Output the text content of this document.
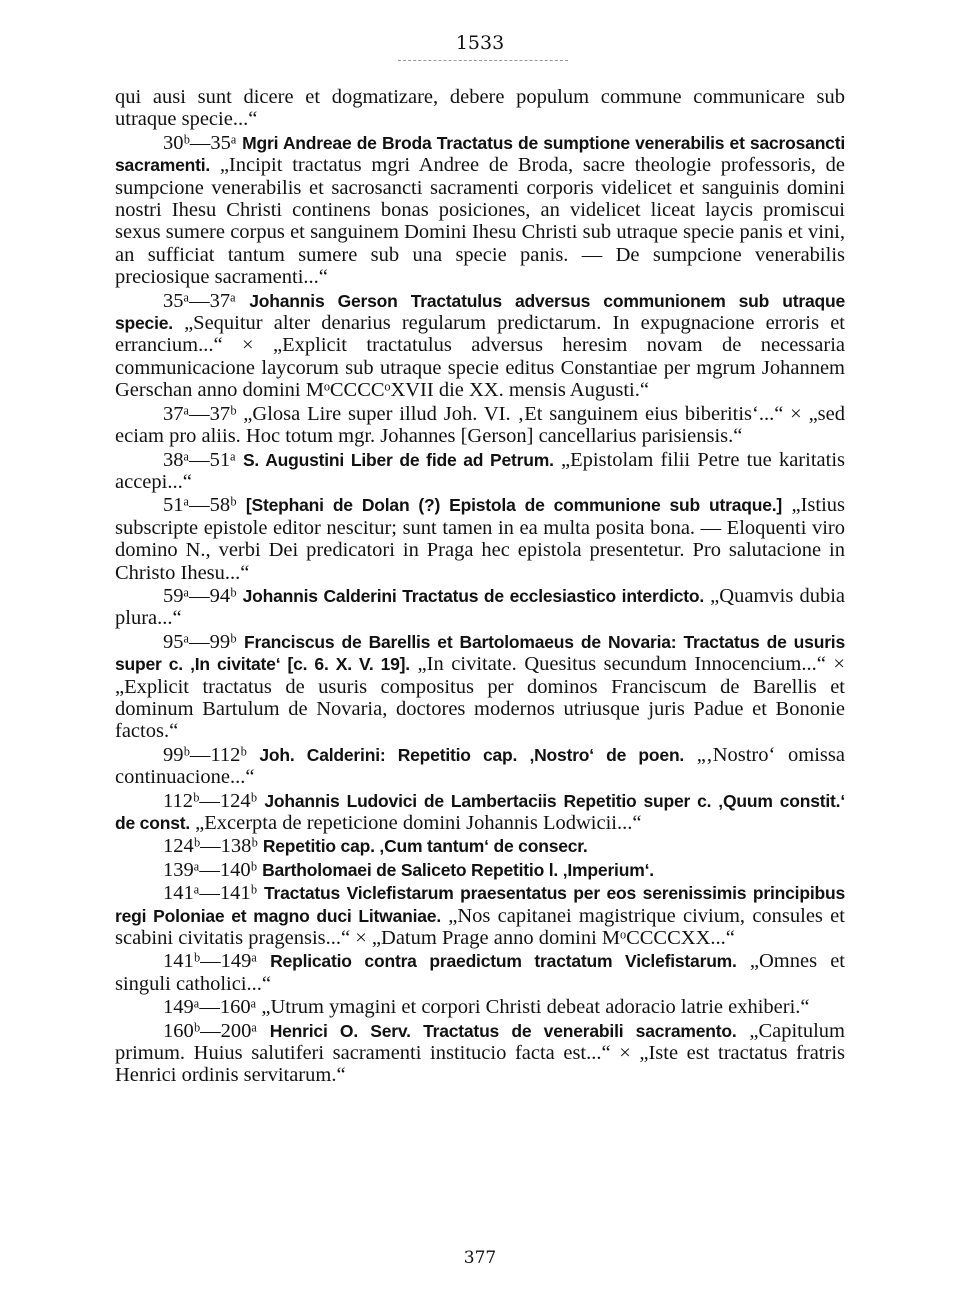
1533

qui ausi sunt dicere et dogmatizare, debere populum commune communicare sub utraque specie...“

30ᵇ—35ᵃ Mgri Andreae de Broda Tractatus de sumptione venerabilis et sacrosancti sacramenti. „Incipit tractatus mgri Andree de Broda, sacre theologie professoris, de sumpcione venerabilis et sacrosancti sacramenti corporis videlicet et sanguinis domini nostri Ihesu Christi continens bonas posiciones, an videlicet liceat laycis promiscui sexus sumere corpus et sanguinem Domini Ihesu Christi sub utraque specie panis et vini, an sufficiat tantum sumere sub una specie panis. — De sumpcione venerabilis preciosique sacramenti...“

35ᵃ—37ᵃ Johannis Gerson Tractatulus adversus communionem sub utraque specie. „Sequitur alter denarius regularum predictarum. In expugnacione erroris et errancium...“ × „Explicit tractatulus adversus heresim novam de necessaria communicacione laycorum sub utraque specie editus Constantiae per mgrum Johannem Gerschan anno domini MᵒCCCCᵒXVII die XX. mensis Augusti.“

37ᵃ—37ᵇ „Glosa Lire super illud Joh. VI. ‚Et sanguinem eius biberitis‘...“ × „sed eciam pro aliis. Hoc totum mgr. Johannes [Gerson] cancellarius parisiensis.“

38ᵃ—51ᵃ S. Augustini Liber de fide ad Petrum. „Epistolam filii Petre tue karitatis accepi...“

51ᵃ—58ᵇ [Stephani de Dolan (?) Epistola de communione sub utraque.] „Istius subscripte epistole editor nescitur; sunt tamen in ea multa posita bona. — Eloquenti viro domino N., verbi Dei predicatori in Praga hec epistola presentetur. Pro salutacione in Christo Ihesu...“

59ᵃ—94ᵇ Johannis Calderini Tractatus de ecclesiastico interdicto. „Quamvis dubia plura...“

95ᵃ—99ᵇ Franciscus de Barellis et Bartolomaeus de Novaria: Tractatus de usuris super c. ‚In civitate‘ [c. 6. X. V. 19]. „In civitate. Quesitus secundum Innocencium...“ × „Explicit tractatus de usuris compositus per dominos Franciscum de Barellis et dominum Bartulum de Novaria, doctores modernos utriusque juris Padue et Bononie factos.“

99ᵇ—112ᵇ Joh. Calderini: Repetitio cap. ‚Nostro‘ de poen. „‚Nostro‘ omissa continuacione...“

112ᵇ—124ᵇ Johannis Ludovici de Lambertaciis Repetitio super c. ‚Quum constit.‘ de const. „Excerpta de repeticione domini Johannis Lodwicii...“

124ᵇ—138ᵇ Repetitio cap. ‚Cum tantum‘ de consecr.

139ᵃ—140ᵇ Bartholomaei de Saliceto Repetitio l. ‚Imperium‘.

141ᵃ—141ᵇ Tractatus Viclefistarum praesentatus per eos serenissimis principibus regi Poloniae et magno duci Litwaniae. „Nos capitanei magistrique civium, consules et scabini civitatis pragensis...“ × „Datum Prage anno domini MᵒCCCCXX...“

141ᵇ—149ᵃ Replicatio contra praedictum tractatum Viclefistarum. „Omnes et singuli catholici...“

149ᵃ—160ᵃ „Utrum ymagini et corpori Christi debeat adoracio latrie exhiberi.“

160ᵇ—200ᵃ Henrici O. Serv. Tractatus de venerabili sacramento. „Capitulum primum. Huius salutiferi sacramenti institucio facta est...“ × „Iste est tractatus fratris Henrici ordinis servitarum.“

377
